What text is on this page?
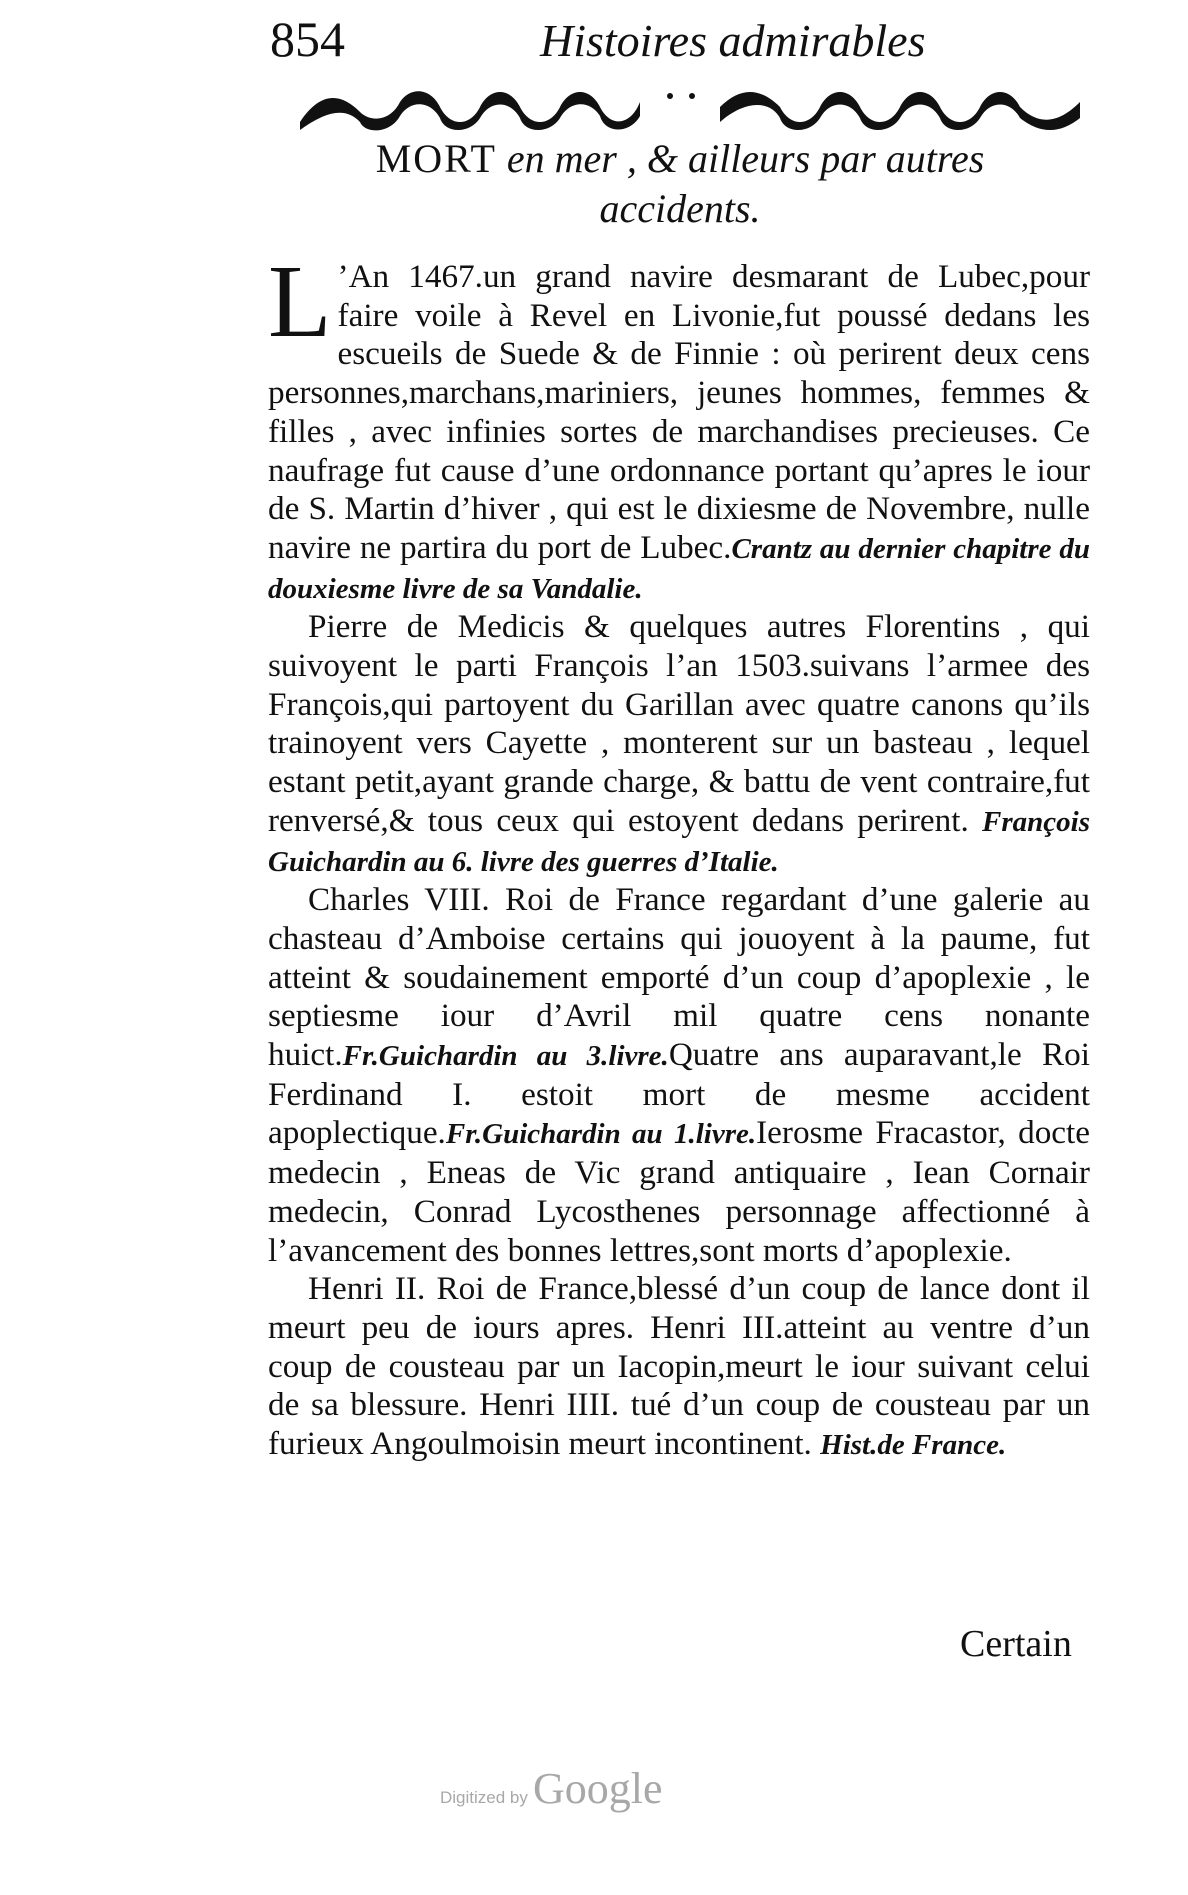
854	Histoires admirables
MORT en mer , & ailleurs par autres
accidents.

L ’An 1467.un grand navire desmarant de Lubec,pour faire voile à Revel en Livonie,fut poussé dedans les escueils de Suede & de Finnie : où perirent deux cens personnes,marchans,mariniers, jeunes hommes, femmes & filles , avec infinies sortes de marchandises precieuses. Ce naufrage fut cause d’une ordonnance portant qu’apres le iour de S. Martin d’hiver , qui est le dixiesme de Novembre, nulle navire ne partira du port de Lubec.Crantz au dernier chapitre du douxiesme livre de sa Vandalie.

Pierre de Medicis & quelques autres Florentins , qui suivoyent le parti François l’an 1503.suivans l’armee des François,qui partoyent du Garillan avec quatre canons qu’ils trainoyent vers Cayette , monterent sur un basteau , lequel estant petit,ayant grande charge, & battu de vent contraire,fut renversé,& tous ceux qui estoyent dedans perirent. François Guichardin au 6. livre des guerres d’Italie.

Charles VIII. Roi de France regardant d’une galerie au chasteau d’Amboise certains qui jouoyent à la paume, fut atteint & soudainement emporté d’un coup d’apoplexie , le septiesme iour d’Avril mil quatre cens nonante huict.Fr.Guichardin au 3.livre.Quatre ans auparavant,le Roi Ferdinand I. estoit mort de mesme accident apoplectique.Fr.Guichardin au 1.livre.Ierosme Fracastor, docte medecin , Eneas de Vic grand antiquaire , Iean Cornair medecin, Conrad Lycosthenes personnage affectionné à l’avancement des bonnes lettres,sont morts d’apoplexie.

Henri II. Roi de France,blessé d’un coup de lance dont il meurt peu de iours apres. Henri III.atteint au ventre d’un coup de cousteau par un Iacopin,meurt le iour suivant celui de sa blessure. Henri IIII. tué d’un coup de cousteau par un furieux Angoulmoisin meurt incontinent. Hist.de France.

Certain
Digitized by Google
